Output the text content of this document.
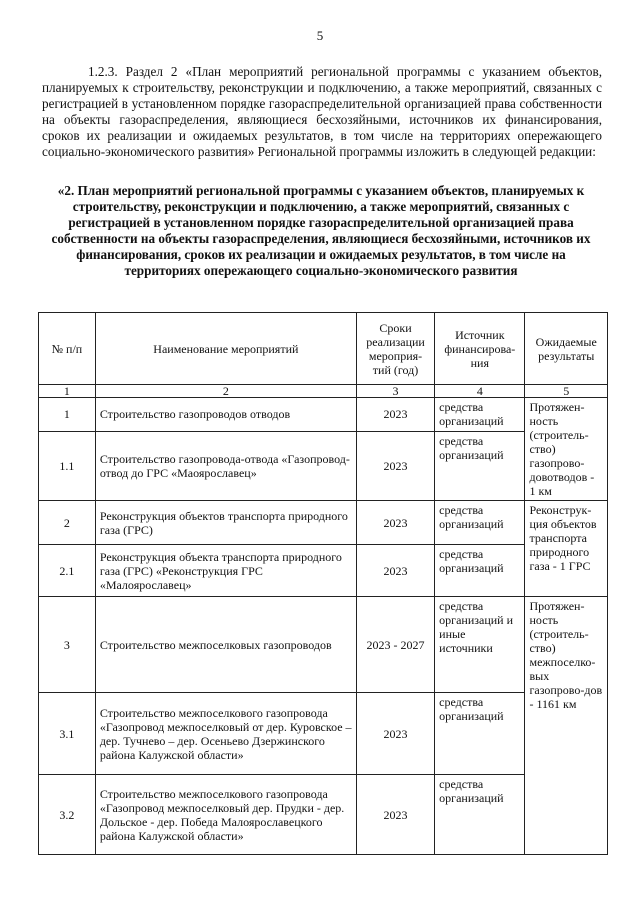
5

1.2.3. Раздел 2 «План мероприятий региональной программы с указанием объектов, планируемых к строительству, реконструкции и подключению, а также мероприятий, связанных с регистрацией в установленном порядке газораспределительной организацией права собственности на объекты газораспределения, являющиеся бесхозяйными, источников их финансирования, сроков их реализации и ожидаемых результатов, в том числе на территориях опережающего социально-экономического развития» Региональной программы изложить в следующей редакции:

«2. План мероприятий региональной программы с указанием объектов, планируемых к строительству, реконструкции и подключению, а также мероприятий, связанных с регистрацией в установленном порядке газораспределительной организацией права собственности на объекты газораспределения, являющиеся бесхозяйными, источников их финансирования, сроков их реализации и ожидаемых результатов, в том числе на территориях опережающего социально-экономического развития

№ п/п	Наименование мероприятий	Сроки реализации мероприя-тий (год)	Источник финансирова-ния	Ожидаемые результаты
1	2	3	4	5
1	Строительство газопроводов отводов	2023	средства организаций	Протяжен-ность (строитель-ство) газопрово-довотводов - 1 км
1.1	Строительство газопровода-отвода «Газопровод-отвод до ГРС «Маоярославец»	2023	средства организаций	
2	Реконструкция объектов транспорта природного газа (ГРС)	2023	средства организаций	Реконструк-ция объектов транспорта природного газа - 1 ГРС
2.1	Реконструкция объекта транспорта природного газа (ГРС) «Реконструкция ГРС «Малоярославец»	2023	средства организаций	
3	Строительство межпоселковых газопроводов	2023 - 2027	средства организаций и иные источники	Протяжен-ность (строитель-ство) межпоселко-вых газопрово-дов - 1161 км
3.1	Строительство межпоселкового газопровода «Газопровод межпоселковый от дер. Куровское – дер. Тучнево – дер. Осеньево Дзержинского района Калужской области»	2023	средства организаций	
3.2	Строительство межпоселкового газопровода «Газопровод межпоселковый дер. Прудки - дер. Дольское - дер. Победа Малоярославецкого района Калужской области»	2023	средства организаций	
